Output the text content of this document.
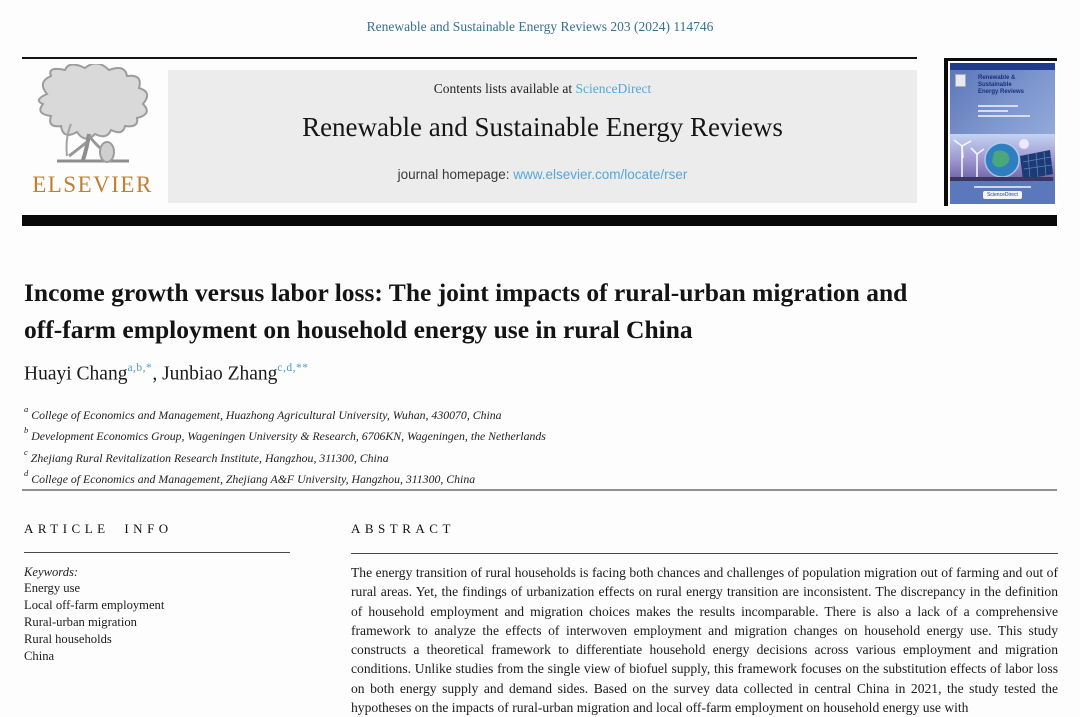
Renewable and Sustainable Energy Reviews 203 (2024) 114746
ELSEVIER
Contents lists available at ScienceDirect
Renewable and Sustainable Energy Reviews
journal homepage: www.elsevier.com/locate/rser
Renewable &
Sustainable
Energy Reviews
ScienceDirect
Income growth versus labor loss: The joint impacts of rural-urban migration and off-farm employment on household energy use in rural China
Huayi Chang$^{a,b,*}$, Junbiao Zhang$^{c,d,**}$
$^a$ College of Economics and Management, Huazhong Agricultural University, Wuhan, 430070, China
$^b$ Development Economics Group, Wageningen University & Research, 6706KN, Wageningen, the Netherlands
$^c$ Zhejiang Rural Revitalization Research Institute, Hangzhou, 311300, China
$^d$ College of Economics and Management, Zhejiang A&F University, Hangzhou, 311300, China
ARTICLE INFO
Keywords:
Energy use
Local off-farm employment
Rural-urban migration
Rural households
China
ABSTRACT

The energy transition of rural households is facing both chances and challenges of population migration out of farming and out of rural areas. Yet, the findings of urbanization effects on rural energy transition are inconsistent. The discrepancy in the definition of household employment and migration choices makes the results incomparable. There is also a lack of a comprehensive framework to analyze the effects of interwoven employment and migration changes on household energy use. This study constructs a theoretical framework to differentiate household energy decisions across various employment and migration conditions. Unlike studies from the single view of biofuel supply, this framework focuses on the substitution effects of labor loss on both energy supply and demand sides. Based on the survey data collected in central China in 2021, the study tested the hypotheses on the impacts of rural-urban migration and local off-farm employment on household energy use with
